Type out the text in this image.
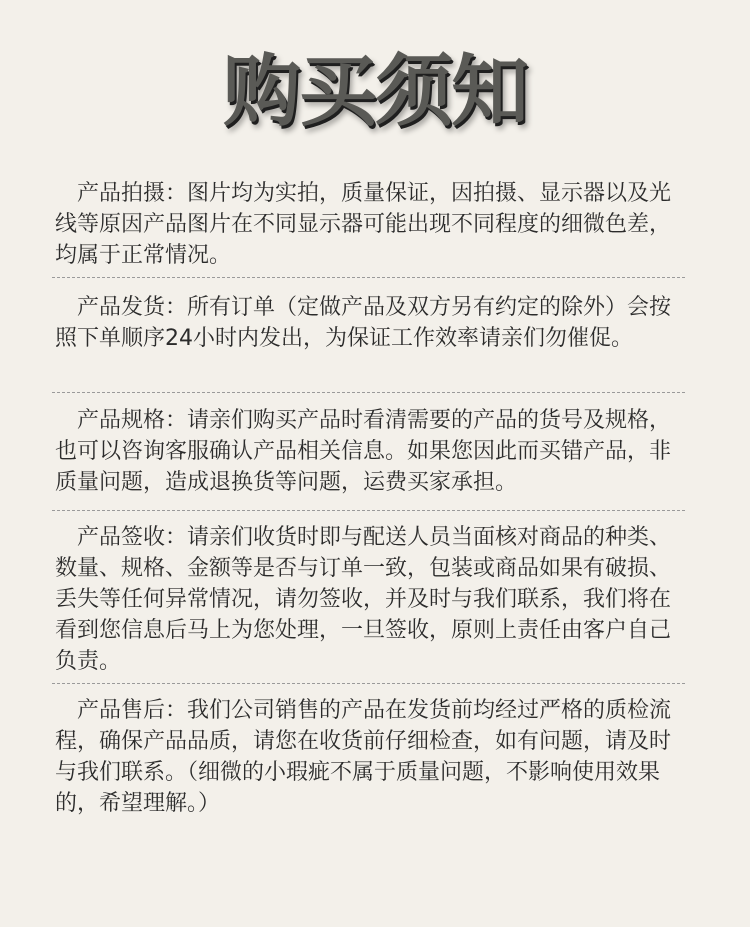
购买须知

　产品拍摄：图片均为实拍，质量保证，因拍摄、显示器以及光线等原因产品图片在不同显示器可能出现不同程度的细微色差，均属于正常情况。

　产品发货：所有订单（定做产品及双方另有约定的除外）会按照下单顺序24小时内发出，为保证工作效率请亲们勿催促。

　产品规格：请亲们购买产品时看清需要的产品的货号及规格，也可以咨询客服确认产品相关信息。如果您因此而买错产品，非质量问题，造成退换货等问题，运费买家承担。

　产品签收：请亲们收货时即与配送人员当面核对商品的种类、数量、规格、金额等是否与订单一致，包装或商品如果有破损、丢失等任何异常情况，请勿签收，并及时与我们联系，我们将在看到您信息后马上为您处理，一旦签收，原则上责任由客户自己负责。

　产品售后：我们公司销售的产品在发货前均经过严格的质检流程，确保产品品质，请您在收货前仔细检查，如有问题，请及时与我们联系。（细微的小瑕疵不属于质量问题，不影响使用效果的，希望理解。）
